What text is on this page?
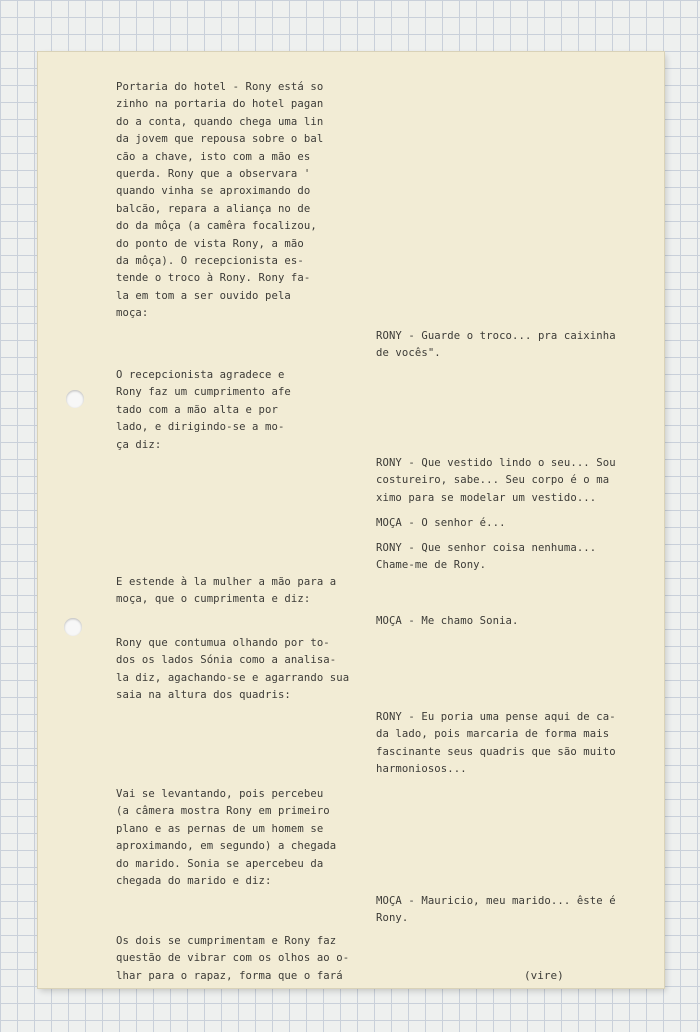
Portaria do hotel - Rony está so
zinho na portaria do hotel pagan
do a conta, quando chega uma lin
da jovem que repousa sobre o bal
cão a chave, isto com a mão es
querda. Rony que a observara '
quando vinha se aproximando do
balcão, repara a aliança no de
do da môça (a camêra focalizou,
do ponto de vista Rony, a mão
da môça). O recepcionista es-
tende o troco à Rony. Rony fa-
la em tom a ser ouvido pela
moça:
RONY - Guarde o troco... pra caixinha
de vocês".
O recepcionista agradece e
Rony faz um cumprimento afe
tado com a mão alta e por
lado, e dirigindo-se a mo-
ça diz:
RONY - Que vestido lindo o seu... Sou
costureiro, sabe... Seu corpo é o ma
ximo para se modelar um vestido...
MOÇA - O senhor é...
RONY - Que senhor coisa nenhuma...
Chame-me de Rony.
E estende à la mulher a mão para a
moça, que o cumprimenta e diz:
MOÇA - Me chamo Sonia.
Rony que contumua olhando por to-
dos os lados Sónia como a analisa-
la diz, agachando-se e agarrando sua
saia na altura dos quadris:
RONY - Eu poria uma pense aqui de ca-
da lado, pois marcaria de forma mais
fascinante seus quadris que são muito
harmoniosos...
Vai se levantando, pois percebeu
(a câmera mostra Rony em primeiro
plano e as pernas de um homem se
aproximando, em segundo) a chegada
do marido. Sonia se apercebeu da
chegada do marido e diz:
MOÇA - Mauricio, meu marido... êste é
Rony.
Os dois se cumprimentam e Rony faz
questão de vibrar com os olhos ao o-
lhar para o rapaz, forma que o fará	(vire)
